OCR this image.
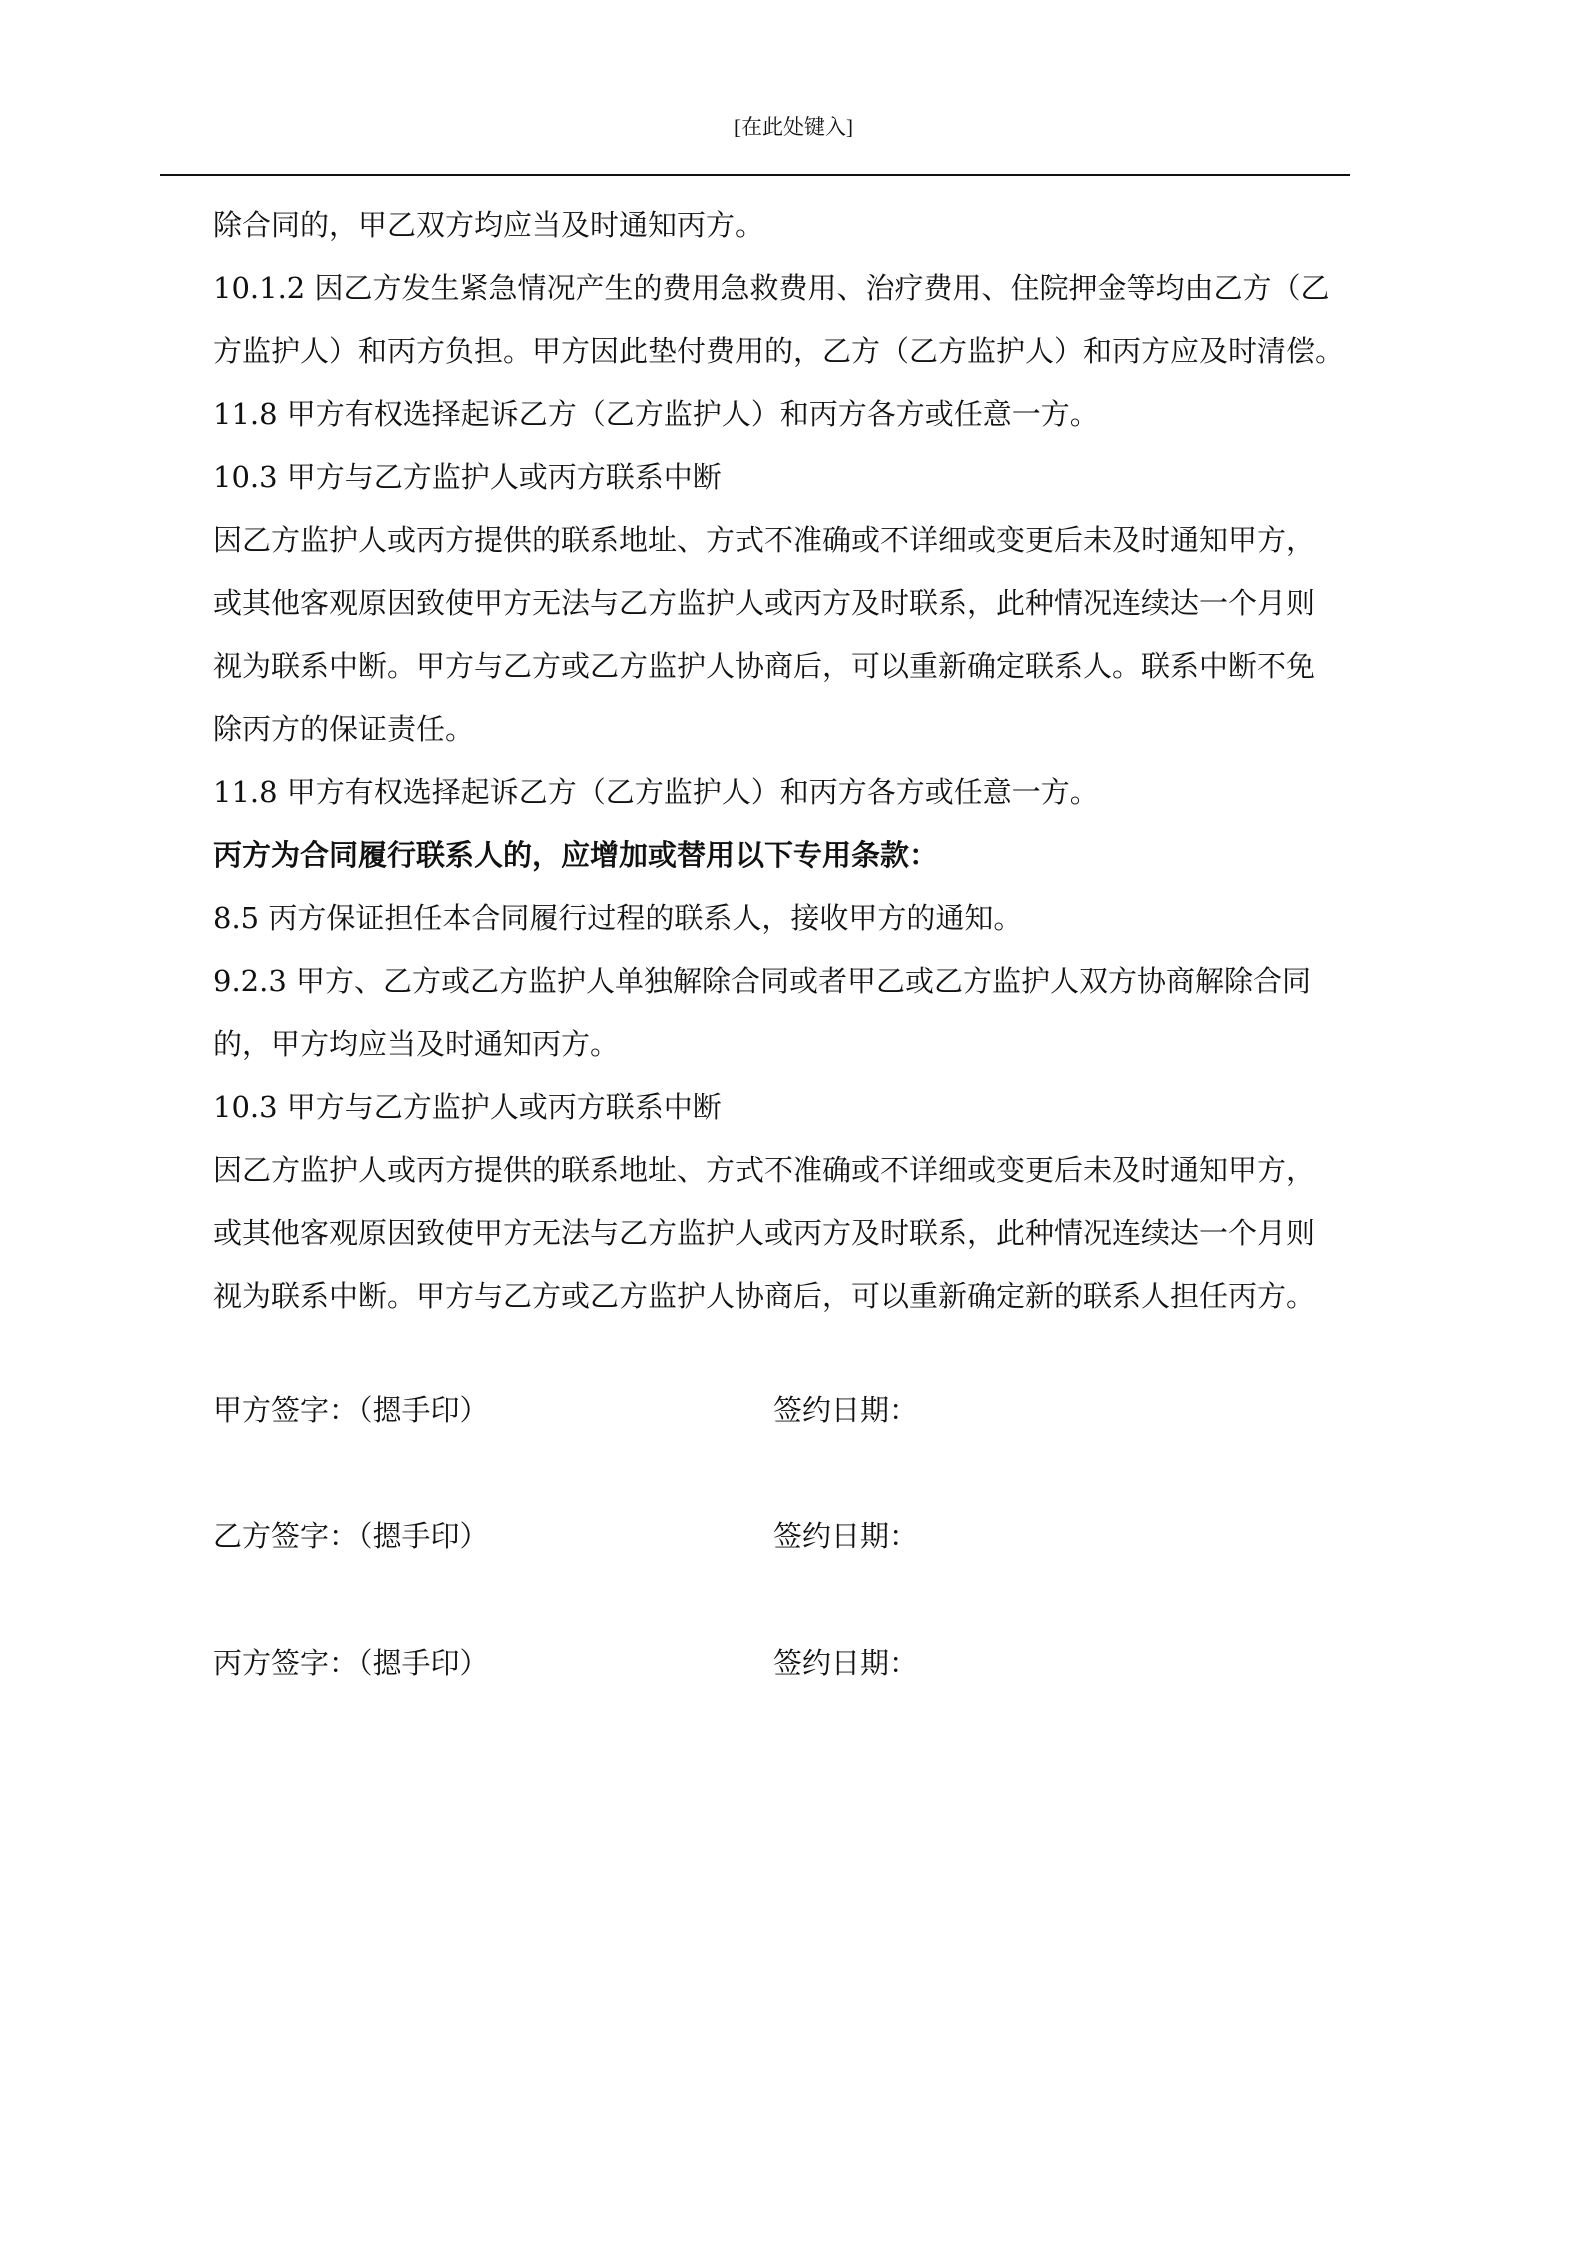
[在此处键入]

除合同的，甲乙双方均应当及时通知丙方。

10.1.2 因乙方发生紧急情况产生的费用急救费用、治疗费用、住院押金等均由乙方（乙

方监护人）和丙方负担。甲方因此垫付费用的，乙方（乙方监护人）和丙方应及时清偿。

11.8 甲方有权选择起诉乙方（乙方监护人）和丙方各方或任意一方。

10.3 甲方与乙方监护人或丙方联系中断

因乙方监护人或丙方提供的联系地址、方式不准确或不详细或变更后未及时通知甲方，

或其他客观原因致使甲方无法与乙方监护人或丙方及时联系，此种情况连续达一个月则

视为联系中断。甲方与乙方或乙方监护人协商后，可以重新确定联系人。联系中断不免

除丙方的保证责任。

11.8 甲方有权选择起诉乙方（乙方监护人）和丙方各方或任意一方。

丙方为合同履行联系人的，应增加或替用以下专用条款：

8.5 丙方保证担任本合同履行过程的联系人，接收甲方的通知。

9.2.3 甲方、乙方或乙方监护人单独解除合同或者甲乙或乙方监护人双方协商解除合同

的，甲方均应当及时通知丙方。

10.3 甲方与乙方监护人或丙方联系中断

因乙方监护人或丙方提供的联系地址、方式不准确或不详细或变更后未及时通知甲方，

或其他客观原因致使甲方无法与乙方监护人或丙方及时联系，此种情况连续达一个月则

视为联系中断。甲方与乙方或乙方监护人协商后，可以重新确定新的联系人担任丙方。

甲方签字：（摁手印）	签约日期：
乙方签字：（摁手印）	签约日期：
丙方签字：（摁手印）	签约日期：
